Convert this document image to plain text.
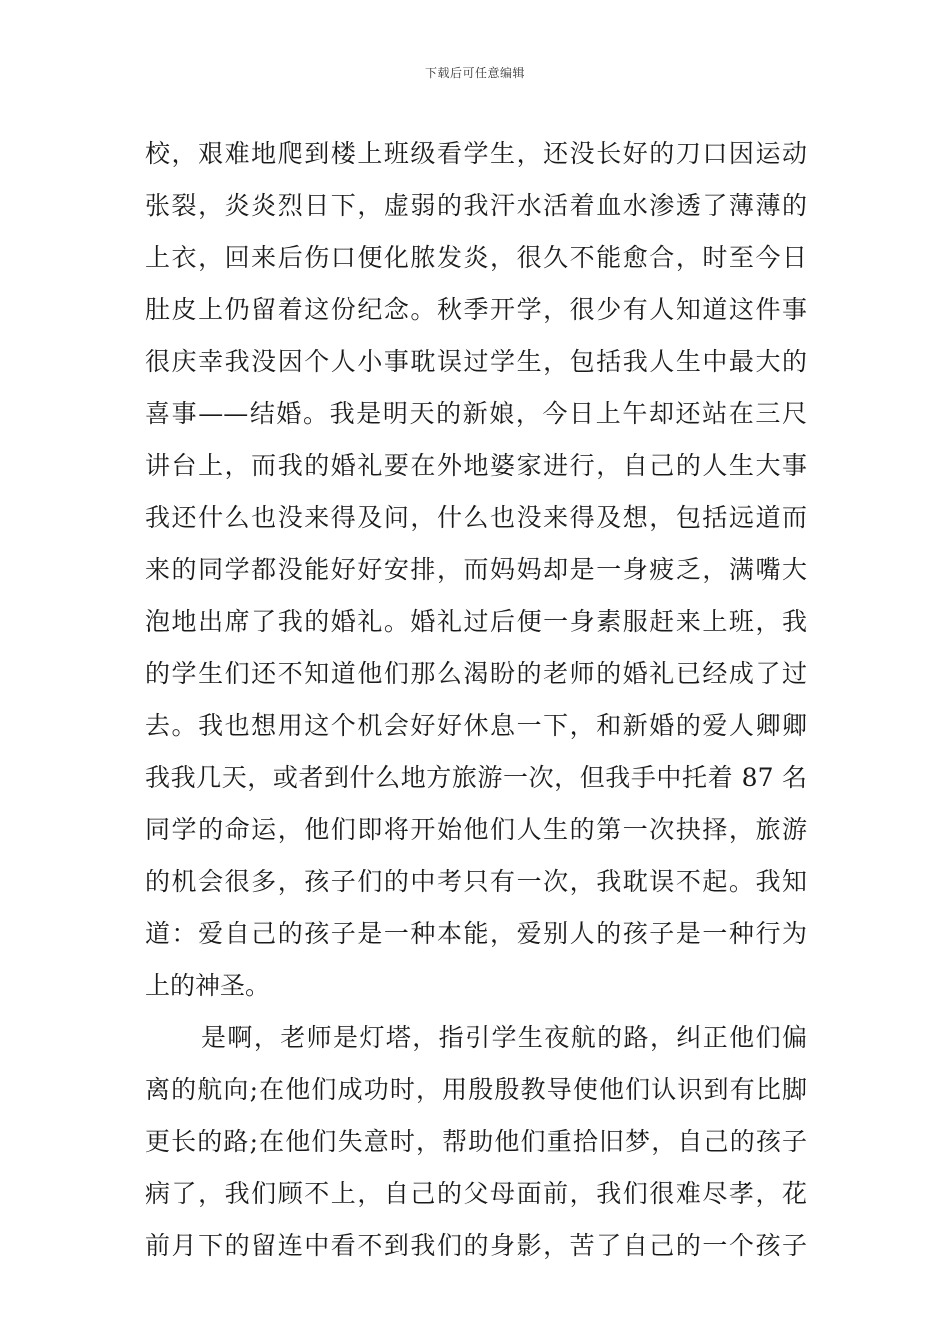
下载后可任意编辑
校，艰难地爬到楼上班级看学生，还没长好的刀口因运动
张裂，炎炎烈日下，虚弱的我汗水活着血水渗透了薄薄的
上衣，回来后伤口便化脓发炎，很久不能愈合，时至今日
肚皮上仍留着这份纪念。秋季开学，很少有人知道这件事
很庆幸我没因个人小事耽误过学生，包括我人生中最大的
喜事——结婚。我是明天的新娘，今日上午却还站在三尺
讲台上，而我的婚礼要在外地婆家进行，自己的人生大事
我还什么也没来得及问，什么也没来得及想，包括远道而
来的同学都没能好好安排，而妈妈却是一身疲乏，满嘴大
泡地出席了我的婚礼。婚礼过后便一身素服赶来上班，我
的学生们还不知道他们那么渴盼的老师的婚礼已经成了过
去。我也想用这个机会好好休息一下，和新婚的爱人卿卿
我我几天，或者到什么地方旅游一次，但我手中托着 87 名
同学的命运，他们即将开始他们人生的第一次抉择，旅游
的机会很多，孩子们的中考只有一次，我耽误不起。我知
道：爱自己的孩子是一种本能，爱别人的孩子是一种行为
上的神圣。
是啊，老师是灯塔，指引学生夜航的路，纠正他们偏
离的航向;在他们成功时，用殷殷教导使他们认识到有比脚
更长的路;在他们失意时，帮助他们重拾旧梦，自己的孩子
病了，我们顾不上，自己的父母面前，我们很难尽孝，花
前月下的留连中看不到我们的身影，苦了自己的一个孩子
